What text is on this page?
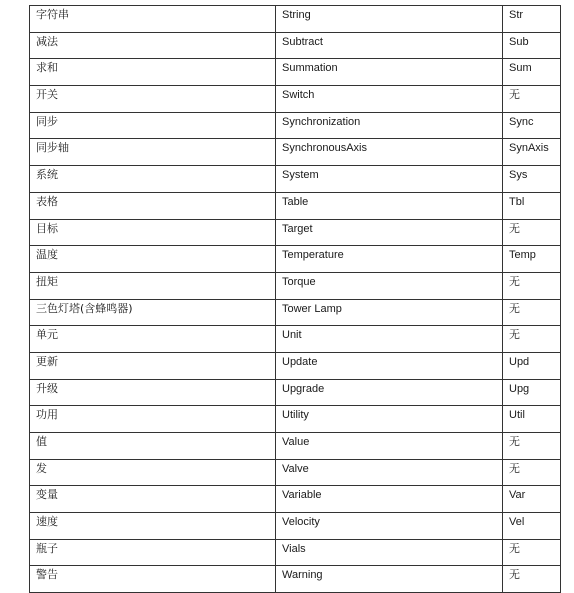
字符串	String	Str
减法	Subtract	Sub
求和	Summation	Sum
开关	Switch	无
同步	Synchronization	Sync
同步轴	SynchronousAxis	SynAxis
系统	System	Sys
表格	Table	Tbl
目标	Target	无
温度	Temperature	Temp
扭矩	Torque	无
三色灯塔(含蜂鸣器)	Tower Lamp	无
单元	Unit	无
更新	Update	Upd
升级	Upgrade	Upg
功用	Utility	Util
值	Value	无
发	Valve	无
变量	Variable	Var
速度	Velocity	Vel
瓶子	Vials	无
警告	Warning	无
